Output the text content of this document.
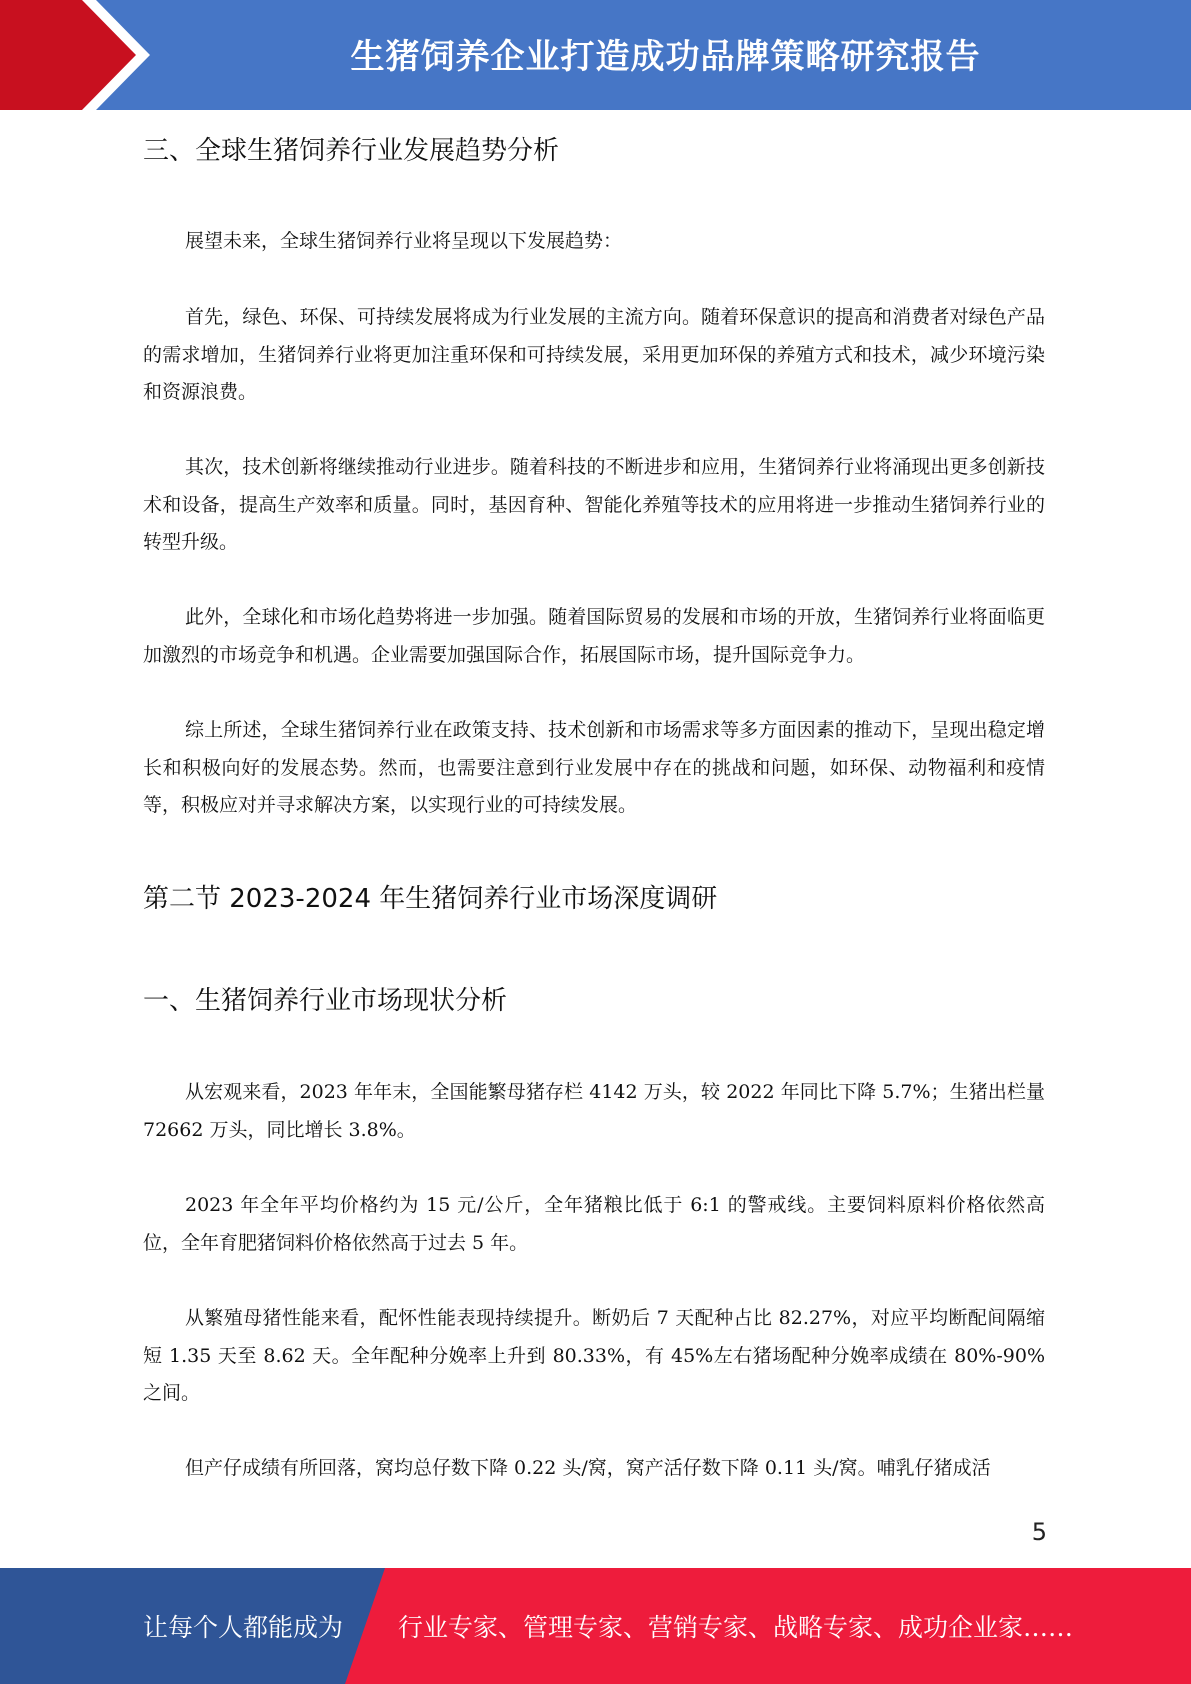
生猪饲养企业打造成功品牌策略研究报告
三、全球生猪饲养行业发展趋势分析

展望未来，全球生猪饲养行业将呈现以下发展趋势：

首先，绿色、环保、可持续发展将成为行业发展的主流方向。随着环保意识的提高和消费者对绿色产品的需求增加，生猪饲养行业将更加注重环保和可持续发展，采用更加环保的养殖方式和技术，减少环境污染和资源浪费。

其次，技术创新将继续推动行业进步。随着科技的不断进步和应用，生猪饲养行业将涌现出更多创新技术和设备，提高生产效率和质量。同时，基因育种、智能化养殖等技术的应用将进一步推动生猪饲养行业的转型升级。

此外，全球化和市场化趋势将进一步加强。随着国际贸易的发展和市场的开放，生猪饲养行业将面临更加激烈的市场竞争和机遇。企业需要加强国际合作，拓展国际市场，提升国际竞争力。

综上所述，全球生猪饲养行业在政策支持、技术创新和市场需求等多方面因素的推动下，呈现出稳定增长和积极向好的发展态势。然而，也需要注意到行业发展中存在的挑战和问题，如环保、动物福利和疫情等，积极应对并寻求解决方案，以实现行业的可持续发展。

第二节 2023-2024 年生猪饲养行业市场深度调研
一、生猪饲养行业市场现状分析

从宏观来看，2023 年年末，全国能繁母猪存栏 4142 万头，较 2022 年同比下降 5.7%；生猪出栏量 72662 万头，同比增长 3.8%。

2023 年全年平均价格约为 15 元/公斤，全年猪粮比低于 6:1 的警戒线。主要饲料原料价格依然高位，全年育肥猪饲料价格依然高于过去 5 年。

从繁殖母猪性能来看，配怀性能表现持续提升。断奶后 7 天配种占比 82.27%，对应平均断配间隔缩短 1.35 天至 8.62 天。全年配种分娩率上升到 80.33%，有 45%左右猪场配种分娩率成绩在 80%-90%之间。

但产仔成绩有所回落，窝均总仔数下降 0.22 头/窝，窝产活仔数下降 0.11 头/窝。哺乳仔猪成活

5
让每个人都能成为 行业专家、管理专家、营销专家、战略专家、成功企业家……
